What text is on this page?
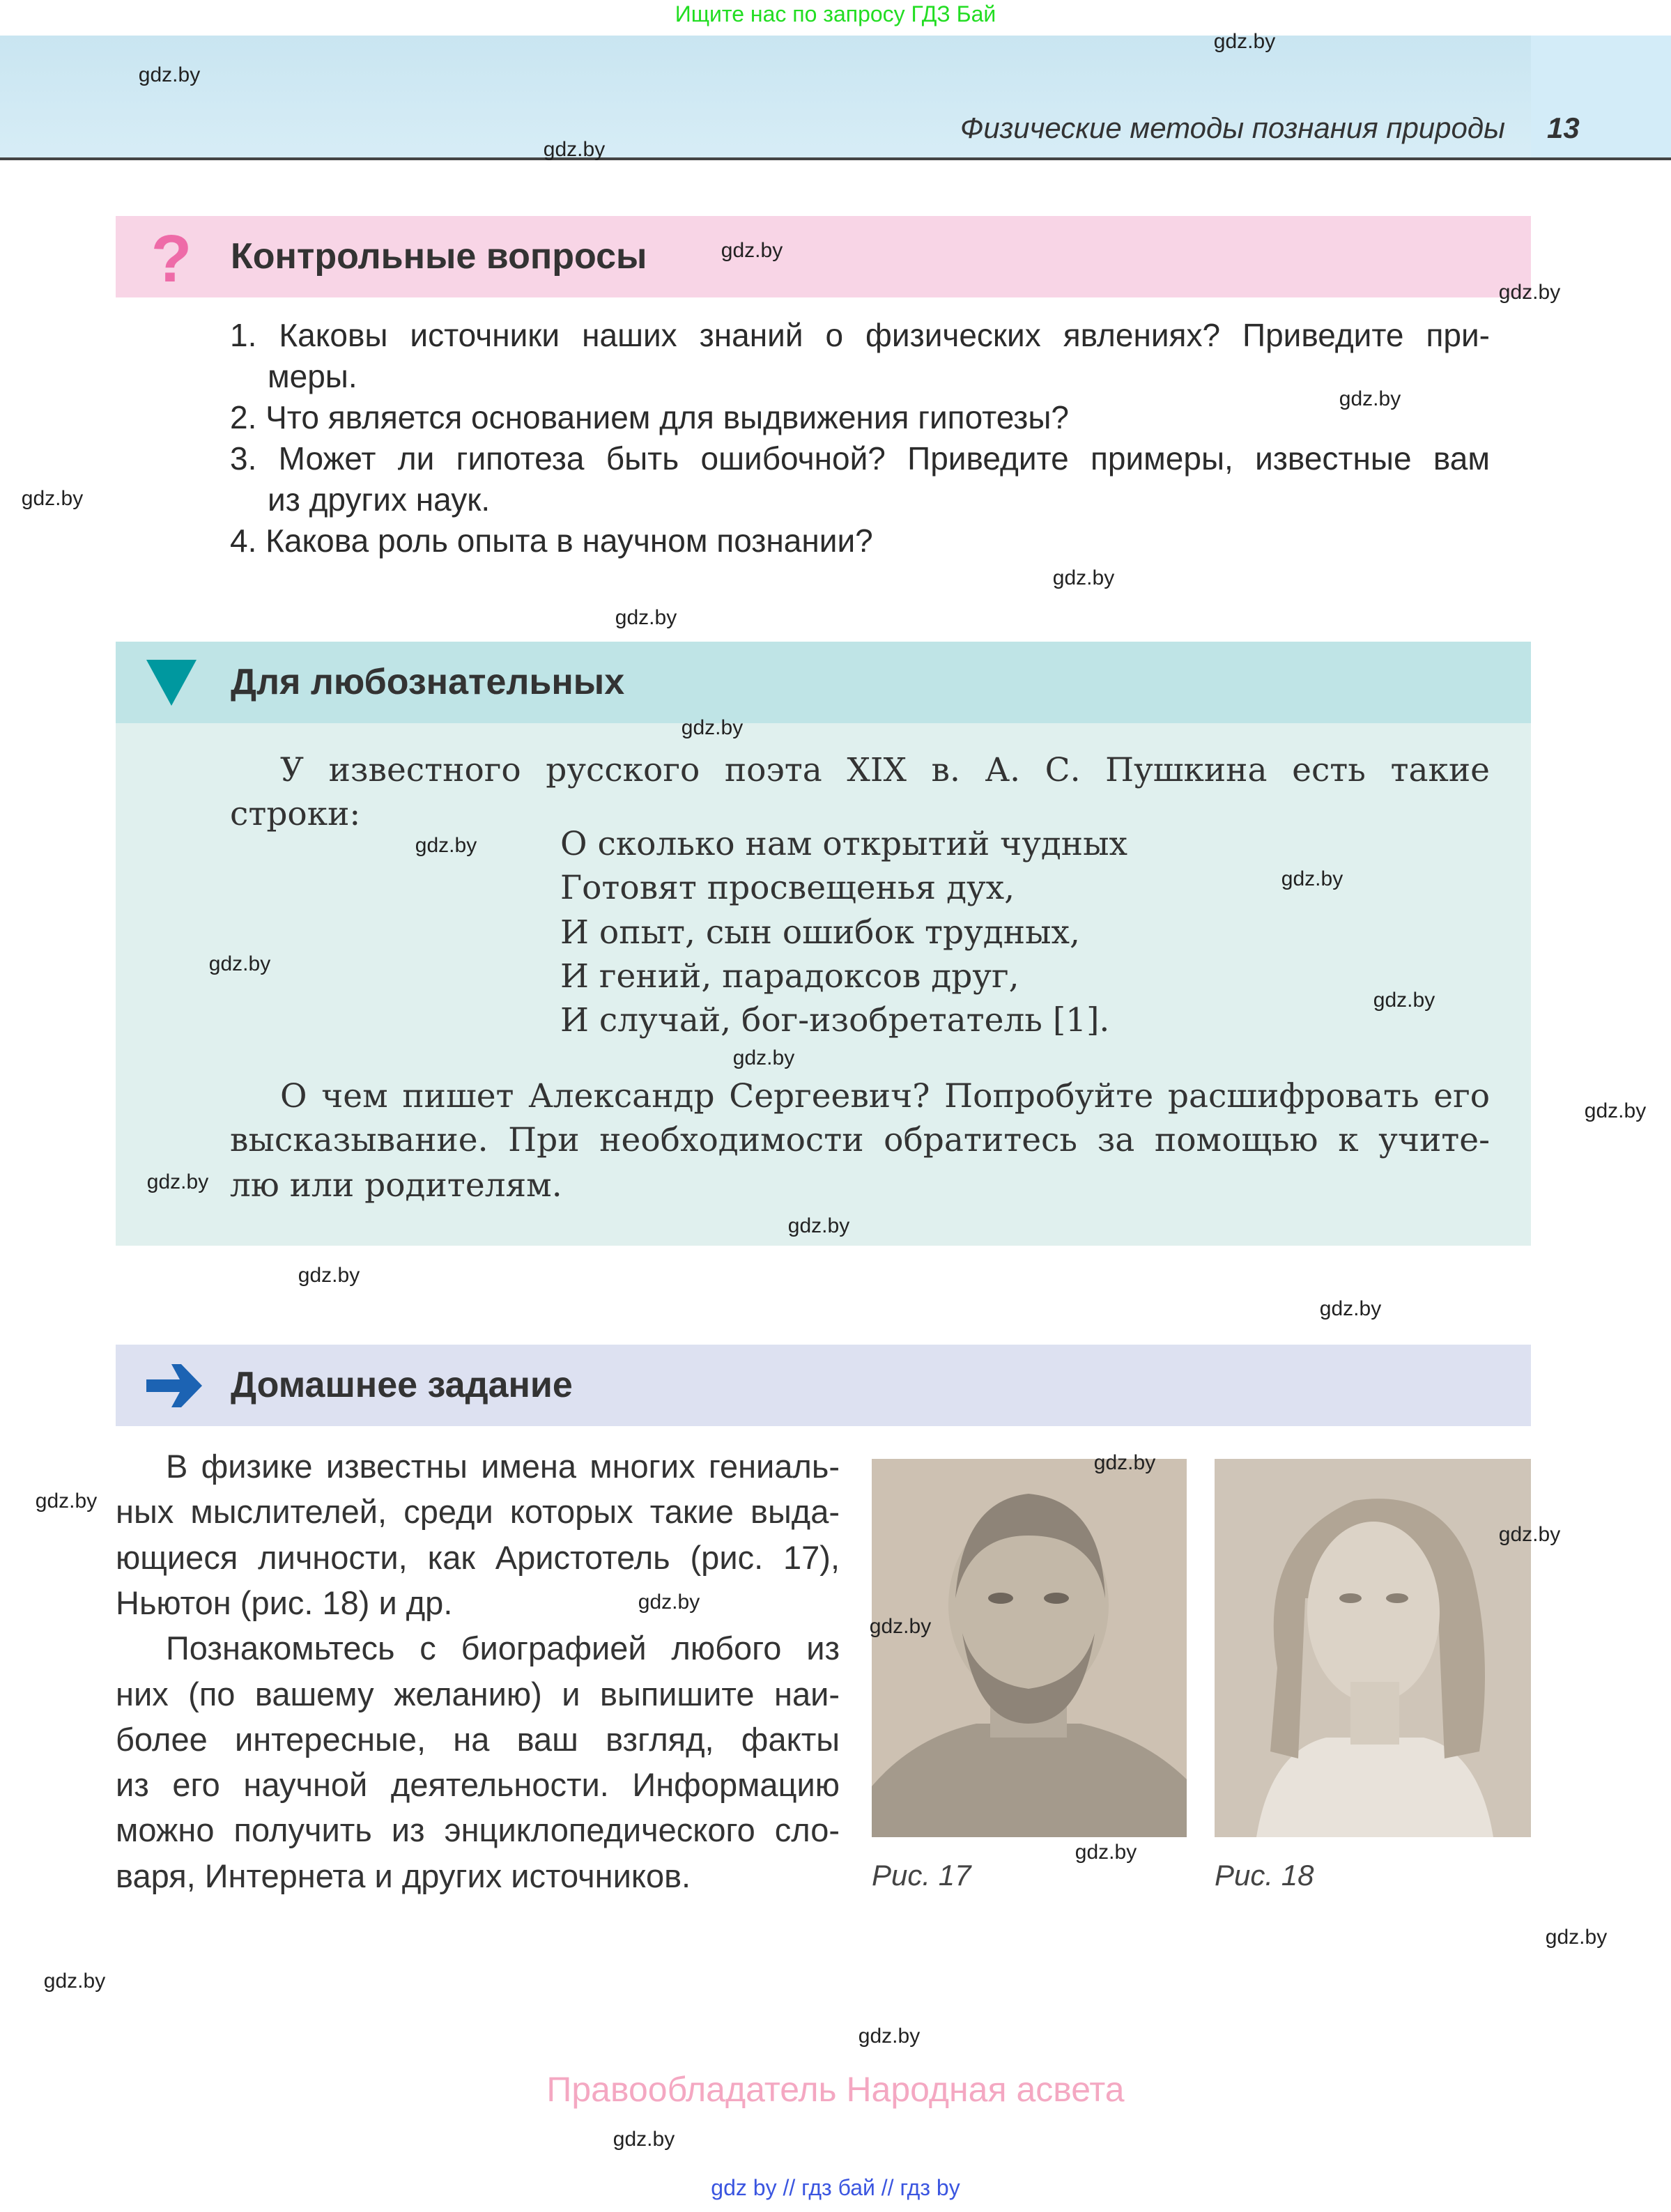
Ищите нас по запросу ГДЗ Бай
Физические методы познания природы 13
? Контрольные вопросы
1. Каковы источники наших знаний о физических явлениях? Приведите при-
меры.
2. Что является основанием для выдвижения гипотезы?
3. Может ли гипотеза быть ошибочной? Приведите примеры, известные вам
из других наук.
4. Какова роль опыта в научном познании?
Для любознательных
У известного русского поэта XIX в. А. С. Пушкина есть такие
строки:
О сколько нам открытий чудных
Готовят просвещенья дух,
И опыт, сын ошибок трудных,
И гений, парадоксов друг,
И случай, бог-изобретатель [1].
О чем пишет Александр Сергеевич? Попробуйте расшифровать его
высказывание. При необходимости обратитесь за помощью к учите-
лю или родителям.
Домашнее задание
В физике известны имена многих гениаль-
ных мыслителей, среди которых такие выда-
ющиеся личности, как Аристотель (рис. 17),
Ньютон (рис. 18) и др.
Познакомьтесь с биографией любого из
них (по вашему желанию) и выпишите наи-
более интересные, на ваш взгляд, факты
из его научной деятельности. Информацию
можно получить из энциклопедического сло-
варя, Интернета и других источников.	Рис. 17	Рис. 18
Правообладатель Народная асвета
gdz by // гдз бай // гдз by
gdz.by
gdz.by
gdz.by
gdz.by
gdz.by
gdz.by
gdz.by
gdz.by
gdz.by
gdz.by
gdz.by
gdz.by
gdz.by
gdz.by
gdz.by
gdz.by
gdz.by
gdz.by
gdz.by
gdz.by
gdz.by
gdz.by
gdz.by
gdz.by
gdz.by
gdz.by
gdz.by
gdz.by
gdz.by
gdz.by
